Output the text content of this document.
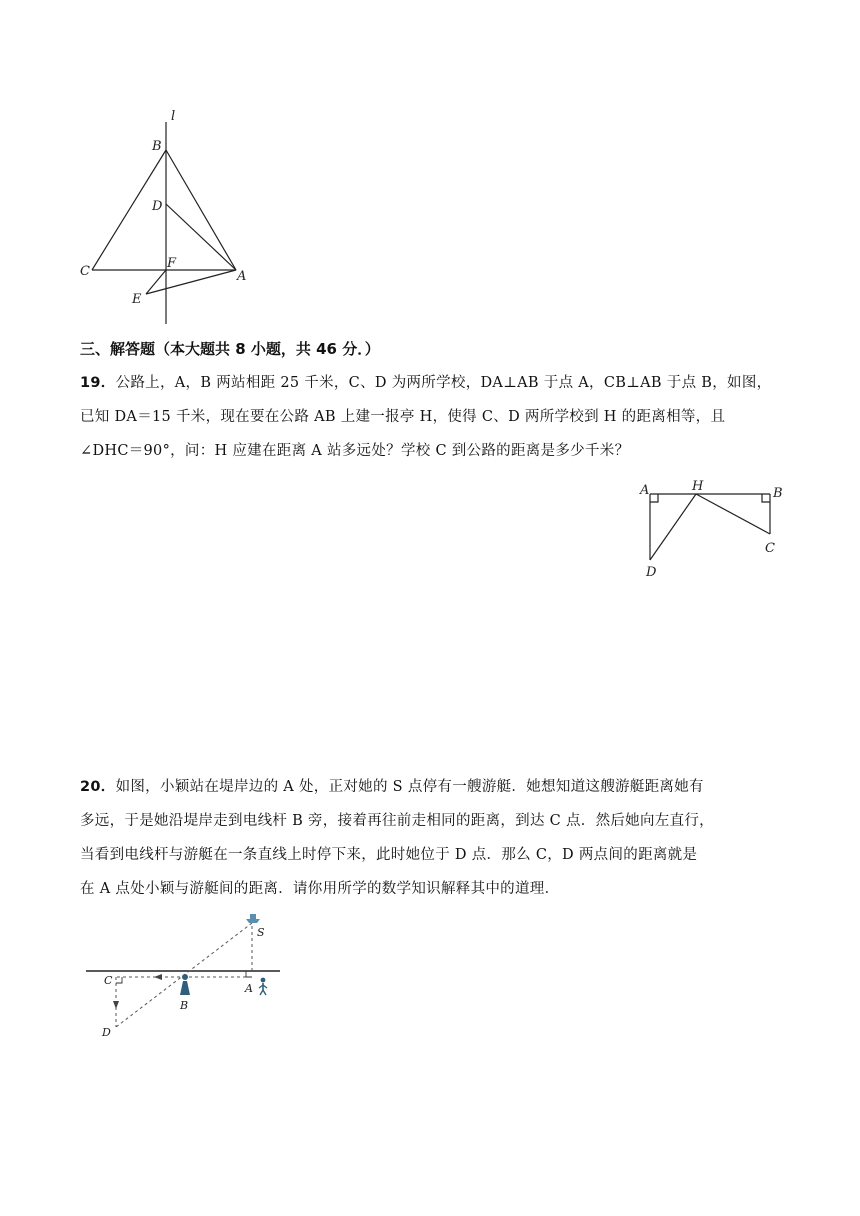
l
B
D
C
F
A
E
三、解答题（本大题共 8 小题，共 46 分．）
19．公路上，A，B 两站相距 25 千米，C、D 为两所学校，DA⊥AB 于点 A，CB⊥AB 于点 B，如图，
已知 DA＝15 千米，现在要在公路 AB 上建一报亭 H，使得 C、D 两所学校到 H 的距离相等，且
∠DHC＝90°，问：H 应建在距离 A 站多远处？学校 C 到公路的距离是多少千米？
A	H	B
C
D
20．如图，小颖站在堤岸边的 A 处，正对她的 S 点停有一艘游艇．她想知道这艘游艇距离她有
多远，于是她沿堤岸走到电线杆 B 旁，接着再往前走相同的距离，到达 C 点．然后她向左直行，
当看到电线杆与游艇在一条直线上时停下来，此时她位于 D 点．那么 C，D 两点间的距离就是
在 A 点处小颖与游艇间的距离．请你用所学的数学知识解释其中的道理．
S
A
B
C
D
